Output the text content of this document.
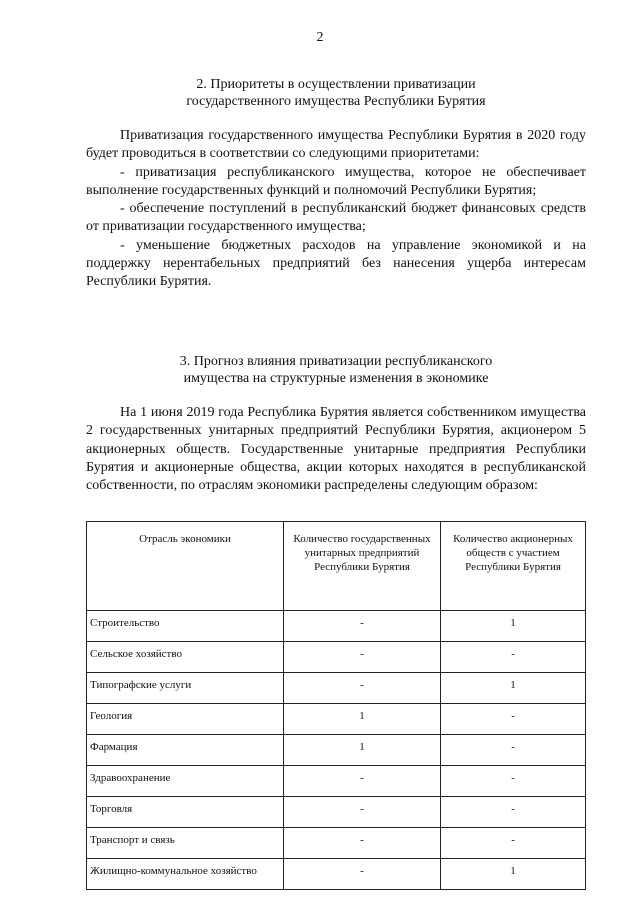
2
2. Приоритеты в осуществлении приватизации
государственного имущества Республики Бурятия

Приватизация государственного имущества Республики Бурятия в 2020 году будет проводиться в соответствии со следующими приоритетами:

- приватизация республиканского имущества, которое не обеспечивает выполнение государственных функций и полномочий Республики Бурятия;

- обеспечение поступлений в республиканский бюджет финансовых средств от приватизации государственного имущества;

- уменьшение бюджетных расходов на управление экономикой и на поддержку нерентабельных предприятий без нанесения ущерба интересам Республики Бурятия.

3. Прогноз влияния приватизации республиканского
имущества на структурные изменения в экономике

На 1 июня 2019 года Республика Бурятия является собственником имущества 2 государственных унитарных предприятий Республики Бурятия, акционером 5 акционерных обществ. Государственные унитарные предприятия Республики Бурятия и акционерные общества, акции которых находятся в республиканской собственности, по отраслям экономики распределены следующим образом:

Отрасль экономики	Количество государственных унитарных предприятий Республики Бурятия	Количество акционерных обществ с участием Республики Бурятия
Строительство	-	1
Сельское хозяйство	-	-
Типографские услуги	-	1
Геология	1	-
Фармация	1	-
Здравоохранение	-	-
Торговля	-	-
Транспорт и связь	-	-
Жилищно-коммунальное хозяйство	-	1
